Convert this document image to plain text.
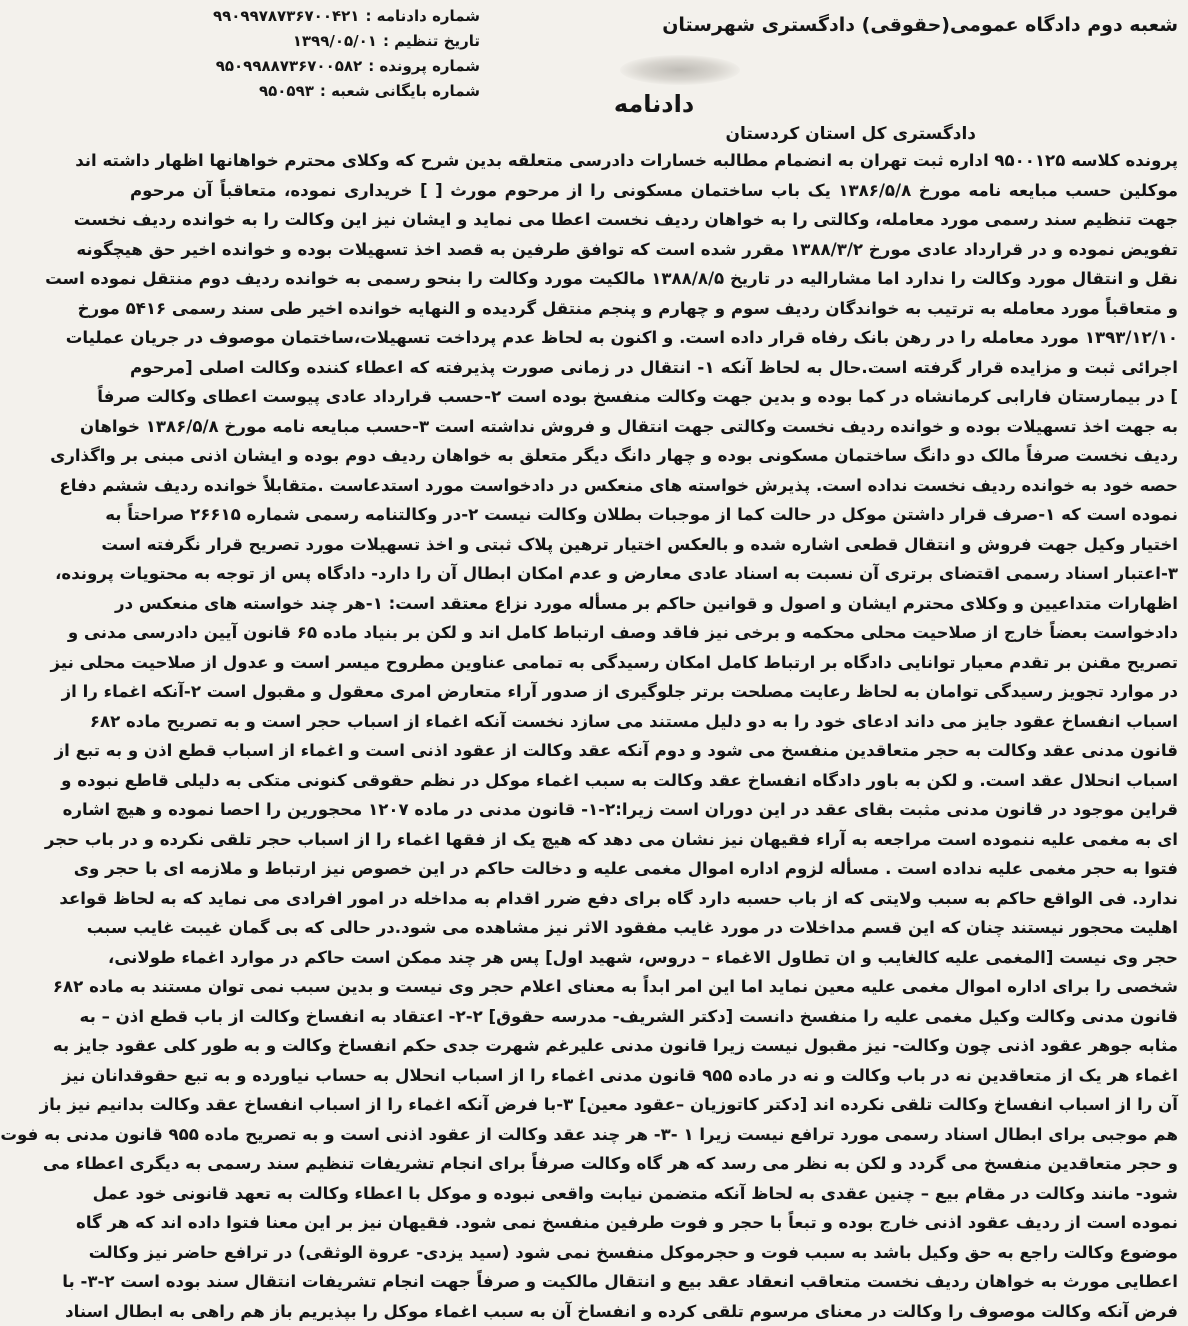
شعبه دوم دادگاه عمومی(حقوقی) دادگستری شهرستان
شماره دادنامه :
۹۹۰۹۹۷۸۷۳۶۷۰۰۴۲۱
تاریخ تنظیم :
۱۳۹۹/۰۵/۰۱
شماره پرونده :
۹۵۰۹۹۸۸۷۳۶۷۰۰۵۸۲
شماره بایگانی شعبه :
۹۵۰۵۹۳	دادنامه
دادگستری کل استان کردستان
پرونده کلاسه ۹۵۰۰۱۲۵ اداره ثبت تهران به انضمام مطالبه خسارات دادرسی متعلقه بدین شرح که وکلای محترم خواهانها اظهار داشته اند
موکلین حسب مبایعه نامه مورخ ۱۳۸۶/۵/۸ یک باب ساختمان مسکونی را از مرحوم مورث [ ] خریداری نموده، متعاقباً آن مرحوم
جهت تنظیم سند رسمی مورد معامله، وکالتی را به خواهان ردیف نخست اعطا می نماید و ایشان نیز این وکالت را به خوانده ردیف نخست
تفویض نموده و در قرارداد عادی مورخ ۱۳۸۸/۳/۲ مقرر شده است که توافق طرفین به قصد اخذ تسهیلات بوده و خوانده اخیر حق هیچگونه
نقل و انتقال مورد وکالت را ندارد اما مشارالیه در تاریخ ۱۳۸۸/۸/۵ مالکیت مورد وکالت را بنحو رسمی به خوانده ردیف دوم منتقل نموده است
و متعاقباً مورد معامله به ترتیب به خواندگان ردیف سوم و چهارم و پنجم منتقل گردیده و النهایه خوانده اخیر طی سند رسمی ۵۴۱۶ مورخ
۱۳۹۳/۱۲/۱۰ مورد معامله را در رهن بانک رفاه قرار داده است. و اکنون به لحاظ عدم پرداخت تسهیلات،ساختمان موصوف در جریان عملیات
اجرائی ثبت و مزایده قرار گرفته است.حال به لحاظ آنکه ۱- انتقال در زمانی صورت پذیرفته که اعطاء کننده وکالت اصلی [مرحوم
] در بیمارستان فارابی کرمانشاه در کما بوده و بدین جهت وکالت منفسخ بوده است ۲-حسب قرارداد عادی پیوست اعطای وکالت صرفاً
به جهت اخذ تسهیلات بوده و خوانده ردیف نخست وکالتی جهت انتقال و فروش نداشته است ۳-حسب مبایعه نامه مورخ ۱۳۸۶/۵/۸ خواهان
ردیف نخست صرفاً مالک دو دانگ ساختمان مسکونی بوده و چهار دانگ دیگر متعلق به خواهان ردیف دوم بوده و ایشان اذنی مبنی بر واگذاری
حصه خود به خوانده ردیف نخست نداده است. پذیرش خواسته های منعکس در دادخواست مورد استدعاست .متقابلاً خوانده ردیف ششم دفاع
نموده است که ۱-صرف قرار داشتن موکل در حالت کما از موجبات بطلان وکالت نیست ۲-در وکالتنامه رسمی شماره ۲۶۶۱۵ صراحتاً به
اختیار وکیل جهت فروش و انتقال قطعی اشاره شده و بالعکس اختیار ترهین پلاک ثبتی و اخذ تسهیلات مورد تصریح قرار نگرفته است
۳-اعتبار اسناد رسمی اقتضای برتری آن نسبت به اسناد عادی معارض و عدم امکان ابطال آن را دارد- دادگاه پس از توجه به محتویات پرونده،
اظهارات متداعیین و وکلای محترم ایشان و اصول و قوانین حاکم بر مسأله مورد نزاع معتقد است: ۱-هر چند خواسته های منعکس در
دادخواست بعضاً خارج از صلاحیت محلی محکمه و برخی نیز فاقد وصف ارتباط کامل اند و لکن بر بنیاد ماده ۶۵ قانون آیین دادرسی مدنی و
تصریح مقنن بر تقدم معیار توانایی دادگاه بر ارتباط کامل امکان رسیدگی به تمامی عناوین مطروح میسر است و عدول از صلاحیت محلی نیز
در موارد تجویز رسیدگی توامان به لحاظ رعایت مصلحت برتر جلوگیری از صدور آراء متعارض امری معقول و مقبول است ۲-آنکه اغماء را از
اسباب انفساخ عقود جایز می داند ادعای خود را به دو دلیل مستند می سازد نخست آنکه اغماء از اسباب حجر است و به تصریح ماده ۶۸۲
قانون مدنی عقد وکالت به حجر متعاقدین منفسخ می شود و دوم آنکه عقد وکالت از عقود اذنی است و اغماء از اسباب قطع اذن و به تبع از
اسباب انحلال عقد است. و لکن به باور دادگاه انفساخ عقد وکالت به سبب اغماء موکل در نظم حقوقی کنونی متکی به دلیلی قاطع نبوده و
قراین موجود در قانون مدنی مثبت بقای عقد در این دوران است زیرا:۲-۱- قانون مدنی در ماده ۱۲۰۷ محجورین را احصا نموده و هیچ اشاره
ای به مغمی علیه ننموده است مراجعه به آراء فقیهان نیز نشان می دهد که هیچ یک از فقها اغماء را از اسباب حجر تلقی نکرده و در باب حجر
فتوا به حجر مغمی علیه نداده است . مسأله لزوم اداره اموال مغمی علیه و دخالت حاکم در این خصوص نیز ارتباط و ملازمه ای با حجر وی
ندارد. فی الواقع حاکم به سبب ولایتی که از باب حسبه دارد گاه برای دفع ضرر اقدام به مداخله در امور افرادی می نماید که به لحاظ قواعد
اهلیت محجور نیستند چنان که این قسم مداخلات در مورد غایب مفقود الاثر نیز مشاهده می شود.در حالی که بی گمان غیبت غایب سبب
حجر وی نیست [المغمی علیه کالغایب و ان تطاول الاغماء – دروس، شهید اول] پس هر چند ممکن است حاکم در موارد اغماء طولانی،
شخصی را برای اداره اموال مغمی علیه معین نماید اما این امر ابداً به معنای اعلام حجر وی نیست و بدین سبب نمی توان مستند به ماده ۶۸۲
قانون مدنی وکالت وکیل مغمی علیه را منفسخ دانست [دکتر الشریف- مدرسه حقوق] ۲-۲- اعتقاد به انفساخ وکالت از باب قطع اذن – به
مثابه جوهر عقود اذنی چون وکالت- نیز مقبول نیست زیرا قانون مدنی علیرغم شهرت جدی حکم انفساخ وکالت و به طور کلی عقود جایز به
اغماء هر یک از متعاقدین نه در باب وکالت و نه در ماده ۹۵۵ قانون مدنی اغماء را از اسباب انحلال به حساب نیاورده و به تبع حقوقدانان نیز
آن را از اسباب انفساخ وکالت تلقی نکرده اند [دکتر کاتوزیان –عقود معین] ۳-با فرض آنکه اغماء را از اسباب انفساخ عقد وکالت بدانیم نیز باز
هم موجبی برای ابطال اسناد رسمی مورد ترافع نیست زیرا ۱ -۳- هر چند عقد وکالت از عقود اذنی است و به تصریح ماده ۹۵۵ قانون مدنی به فوت
و حجر متعاقدین منفسخ می گردد و لکن به نظر می رسد که هر گاه وکالت صرفاً برای انجام تشریفات تنظیم سند رسمی به دیگری اعطاء می
شود- مانند وکالت در مقام بیع – چنین عقدی به لحاظ آنکه متضمن نیابت واقعی نبوده و موکل با اعطاء وکالت به تعهد قانونی خود عمل
نموده است از ردیف عقود اذنی خارج بوده و تبعاً با حجر و فوت طرفین منفسخ نمی شود. فقیهان نیز بر این معنا فتوا داده اند که هر گاه
موضوع وکالت راجع به حق وکیل باشد به سبب فوت و حجرموکل منفسخ نمی شود (سید یزدی- عروة الوثقی) در ترافع حاضر نیز وکالت
اعطایی مورث به خواهان ردیف نخست متعاقب انعقاد عقد بیع و انتقال مالکیت و صرفاً جهت انجام تشریفات انتقال سند بوده است ۲-۳- با
فرض آنکه وکالت موصوف را وکالت در معنای مرسوم تلقی کرده و انفساخ آن به سبب اغماء موکل را بپذیریم باز هم راهی به ابطال اسناد
